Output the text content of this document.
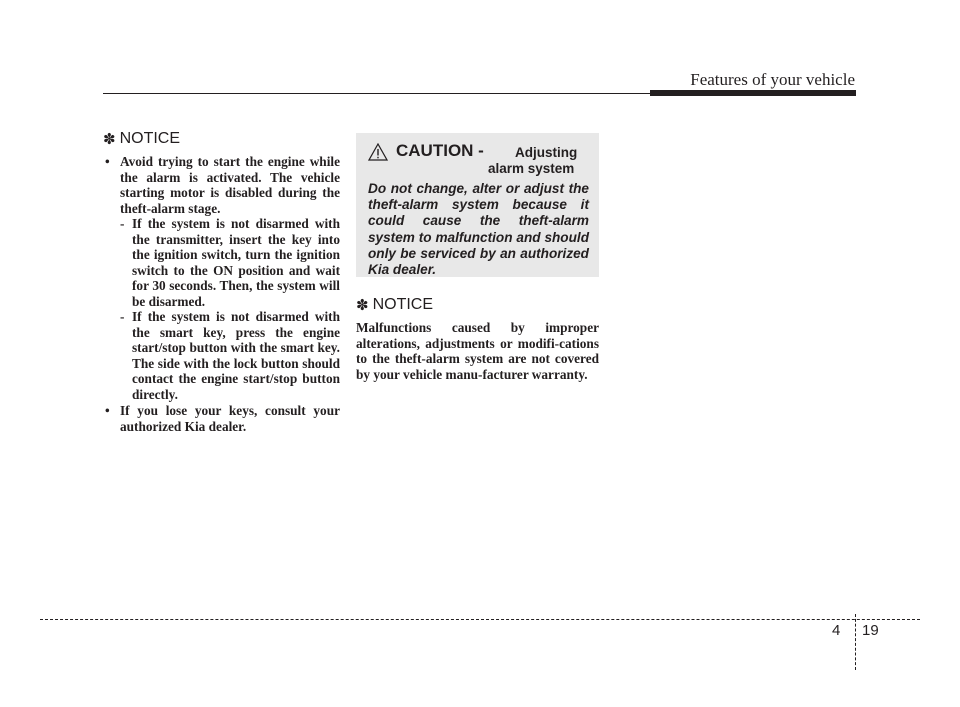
Features of your vehicle
✽ NOTICE
• Avoid trying to start the engine while the alarm is activated. The vehicle starting motor is disabled during the theft-alarm stage.
- If the system is not disarmed with the transmitter, insert the key into the ignition switch, turn the ignition switch to the ON position and wait for 30 seconds. Then, the system will be disarmed.
- If the system is not disarmed with the smart key, press the engine start/stop button with the smart key. The side with the lock button should contact the engine start/stop button directly.
• If you lose your keys, consult your authorized Kia dealer.
CAUTION - Adjusting
alarm system
Do not change, alter or adjust the theft-alarm system because it could cause the theft-alarm system to malfunction and should only be serviced by an authorized Kia dealer.
✽ NOTICE
Malfunctions caused by improper alterations, adjustments or modifi-cations to the theft-alarm system are not covered by your vehicle manu-facturer warranty.
4 19
